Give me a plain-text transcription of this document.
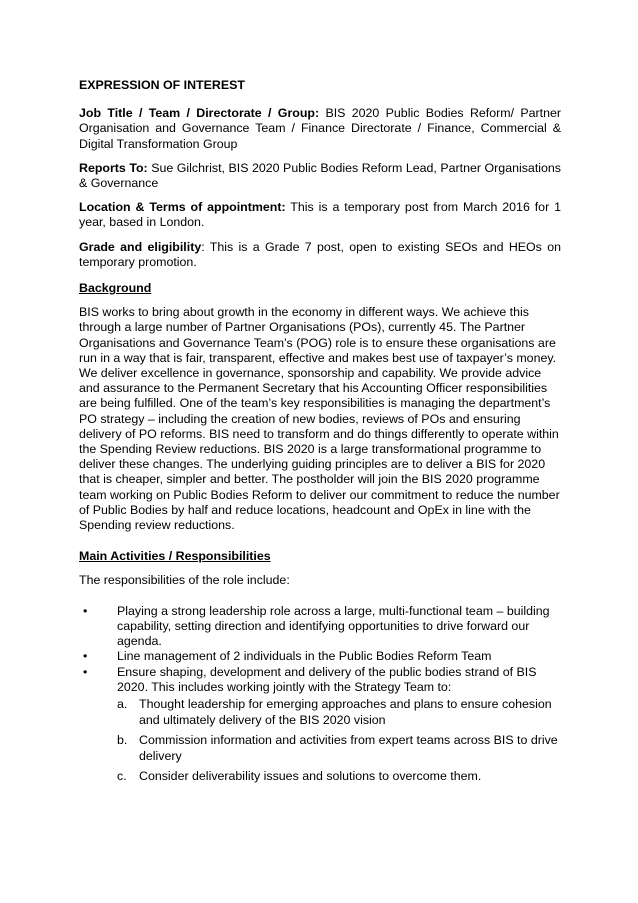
EXPRESSION OF INTEREST

Job Title / Team / Directorate / Group: BIS 2020 Public Bodies Reform/ Partner Organisation and Governance Team / Finance Directorate / Finance, Commercial & Digital Transformation Group

Reports To: Sue Gilchrist, BIS 2020 Public Bodies Reform Lead, Partner Organisations & Governance

Location & Terms of appointment: This is a temporary post from March 2016 for 1 year, based in London.

Grade and eligibility: This is a Grade 7 post, open to existing SEOs and HEOs on temporary promotion.

Background

BIS works to bring about growth in the economy in different ways. We achieve this through a large number of Partner Organisations (POs), currently 45. The Partner Organisations and Governance Team’s (POG) role is to ensure these organisations are run in a way that is fair, transparent, effective and makes best use of taxpayer’s money. We deliver excellence in governance, sponsorship and capability. We provide advice and assurance to the Permanent Secretary that his Accounting Officer responsibilities are being fulfilled. One of the team’s key responsibilities is managing the department’s PO strategy – including the creation of new bodies, reviews of POs and ensuring delivery of PO reforms. BIS need to transform and do things differently to operate within the Spending Review reductions. BIS 2020 is a large transformational programme to deliver these changes. The underlying guiding principles are to deliver a BIS for 2020 that is cheaper, simpler and better. The postholder will join the BIS 2020 programme team working on Public Bodies Reform to deliver our commitment to reduce the number of Public Bodies by half and reduce locations, headcount and OpEx in line with the Spending review reductions.

Main Activities / Responsibilities

The responsibilities of the role include:

• Playing a strong leadership role across a large, multi-functional team – building capability, setting direction and identifying opportunities to drive forward our agenda.
• Line management of 2 individuals in the Public Bodies Reform Team
• Ensure shaping, development and delivery of the public bodies strand of BIS 2020. This includes working jointly with the Strategy Team to:
a. Thought leadership for emerging approaches and plans to ensure cohesion and ultimately delivery of the BIS 2020 vision
b. Commission information and activities from expert teams across BIS to drive delivery
c. Consider deliverability issues and solutions to overcome them.
